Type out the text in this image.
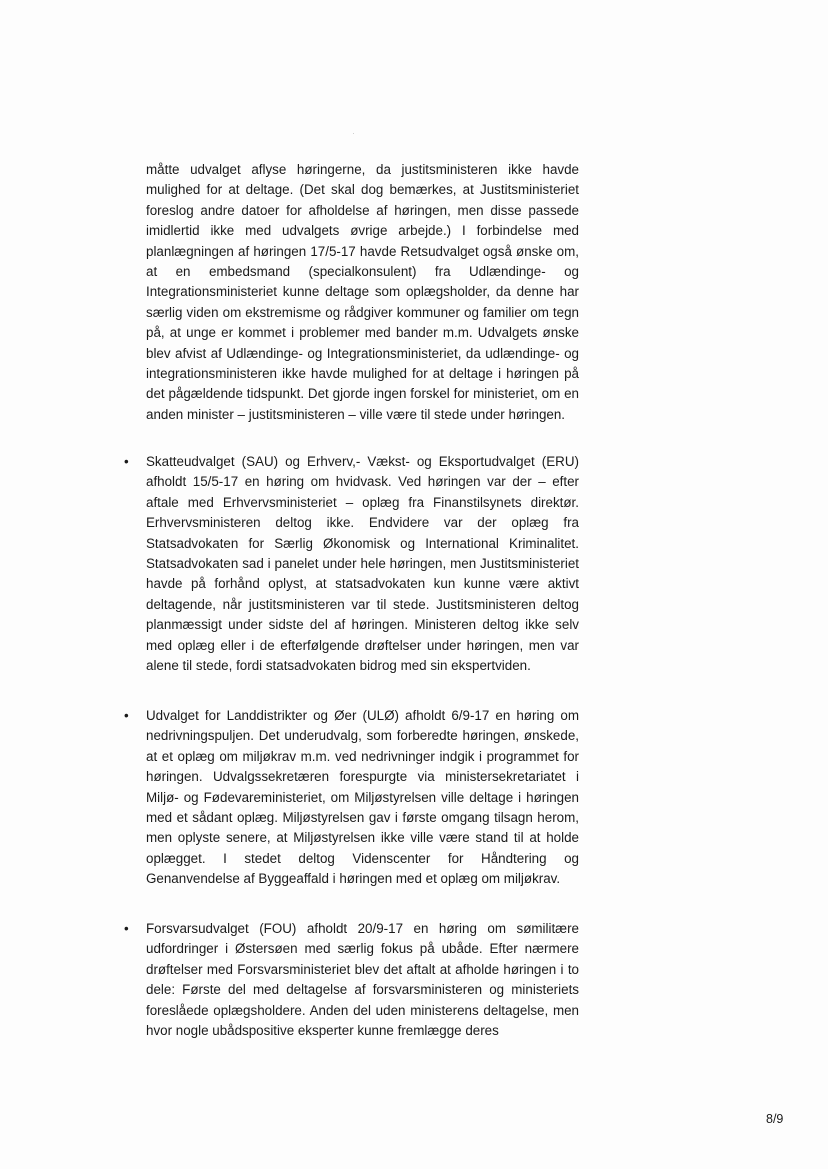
måtte udvalget aflyse høringerne, da justitsministeren ikke havde mulighed for at deltage. (Det skal dog bemærkes, at Justitsministeriet foreslog andre datoer for afholdelse af høringen, men disse passede imidlertid ikke med udvalgets øvrige arbejde.) I forbindelse med planlægningen af høringen 17/5-17 havde Retsudvalget også ønske om, at en embedsmand (specialkonsulent) fra Udlændinge- og Integrationsministeriet kunne deltage som oplægsholder, da denne har særlig viden om ekstremisme og rådgiver kommuner og familier om tegn på, at unge er kommet i problemer med bander m.m. Udvalgets ønske blev afvist af Udlændinge- og Integrationsministeriet, da udlændinge- og integrationsministeren ikke havde mulighed for at deltage i høringen på det pågældende tidspunkt. Det gjorde ingen forskel for ministeriet, om en anden minister – justitsministeren – ville være til stede under høringen.

• Skatteudvalget (SAU) og Erhverv,- Vækst- og Eksportudvalget (ERU) afholdt 15/5-17 en høring om hvidvask. Ved høringen var der – efter aftale med Erhvervsministeriet – oplæg fra Finanstilsynets direktør. Erhvervsministeren deltog ikke. Endvidere var der oplæg fra Statsadvokaten for Særlig Økonomisk og International Kriminalitet. Statsadvokaten sad i panelet under hele høringen, men Justitsministeriet havde på forhånd oplyst, at statsadvokaten kun kunne være aktivt deltagende, når justitsministeren var til stede. Justitsministeren deltog planmæssigt under sidste del af høringen. Ministeren deltog ikke selv med oplæg eller i de efterfølgende drøftelser under høringen, men var alene til stede, fordi statsadvokaten bidrog med sin ekspertviden.
• Udvalget for Landdistrikter og Øer (ULØ) afholdt 6/9-17 en høring om nedrivningspuljen. Det underudvalg, som forberedte høringen, ønskede, at et oplæg om miljøkrav m.m. ved nedrivninger indgik i programmet for høringen. Udvalgssekretæren forespurgte via ministersekretariatet i Miljø- og Fødevareministeriet, om Miljøstyrelsen ville deltage i høringen med et sådant oplæg. Miljøstyrelsen gav i første omgang tilsagn herom, men oplyste senere, at Miljøstyrelsen ikke ville være stand til at holde oplægget. I stedet deltog Videnscenter for Håndtering og Genanvendelse af Byggeaffald i høringen med et oplæg om miljøkrav.
• Forsvarsudvalget (FOU) afholdt 20/9-17 en høring om sømilitære udfordringer i Østersøen med særlig fokus på ubåde. Efter nærmere drøftelser med Forsvarsministeriet blev det aftalt at afholde høringen i to dele: Første del med deltagelse af forsvarsministeren og ministeriets foreslåede oplægsholdere. Anden del uden ministerens deltagelse, men hvor nogle ubådspositive eksperter kunne fremlægge deres
8/9
